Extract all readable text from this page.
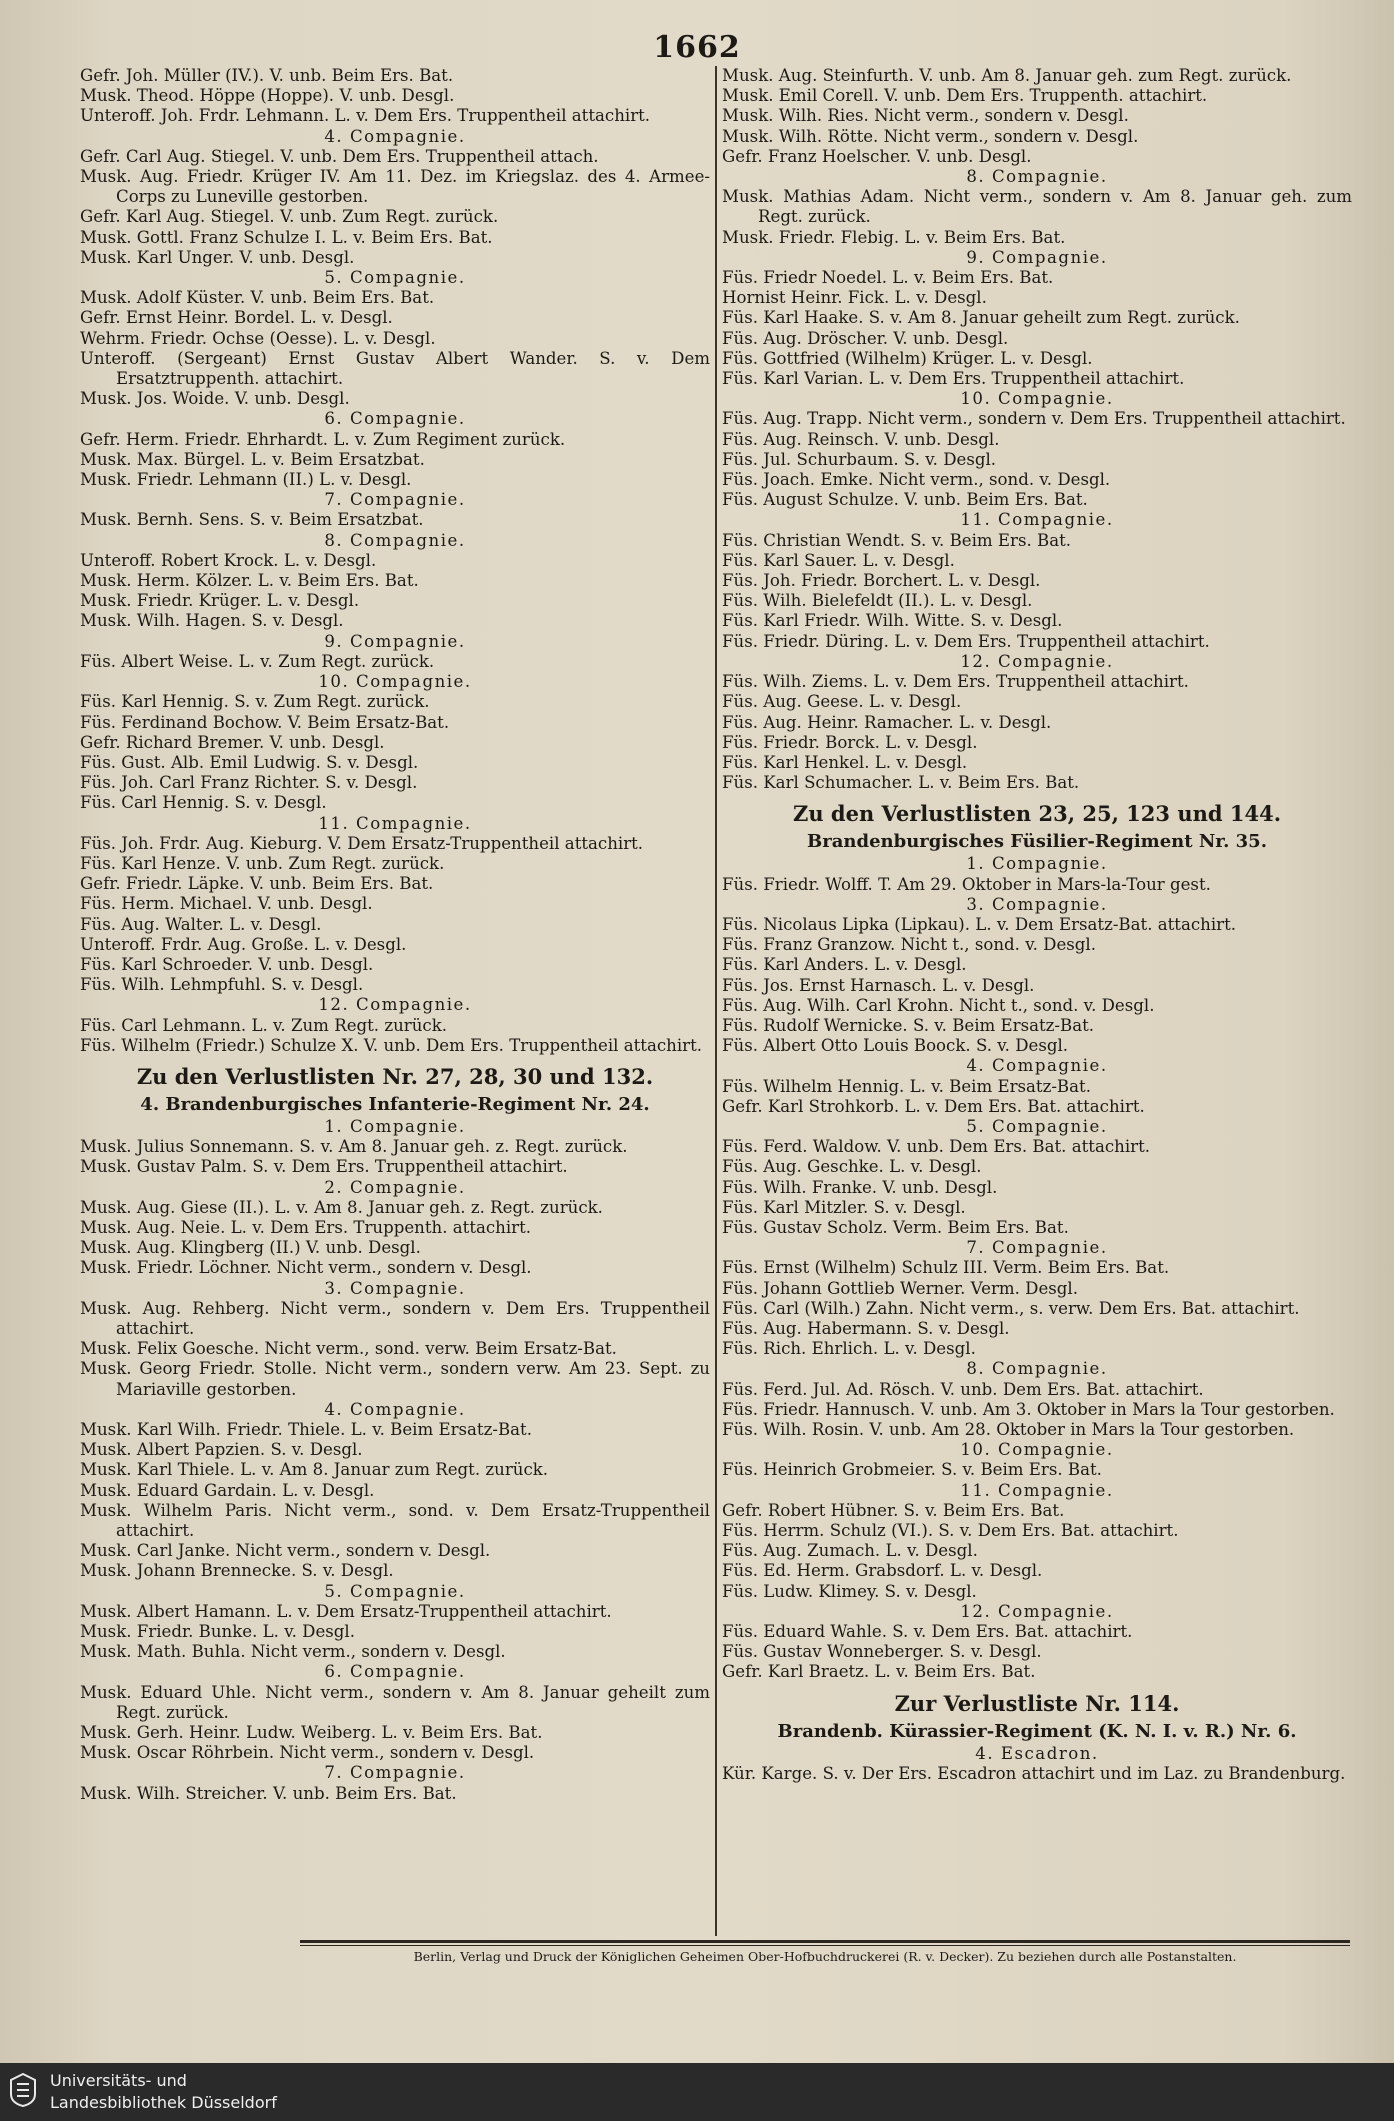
1662
Gefr. Joh. Müller (IV.). V. unb. Beim Ers. Bat.
Musk. Theod. Höppe (Hoppe). V. unb. Desgl.
Unteroff. Joh. Frdr. Lehmann. L. v. Dem Ers. Truppentheil attachirt.
4. Compagnie.
Gefr. Carl Aug. Stiegel. V. unb. Dem Ers. Truppentheil attach.
Musk. Aug. Friedr. Krüger IV. Am 11. Dez. im Kriegslaz. des 4. Armee-Corps zu Luneville gestorben.
Gefr. Karl Aug. Stiegel. V. unb. Zum Regt. zurück.
Musk. Gottl. Franz Schulze I. L. v. Beim Ers. Bat.
Musk. Karl Unger. V. unb. Desgl.
5. Compagnie.
Musk. Adolf Küster. V. unb. Beim Ers. Bat.
Gefr. Ernst Heinr. Bordel. L. v. Desgl.
Wehrm. Friedr. Ochse (Oesse). L. v. Desgl.
Unteroff. (Sergeant) Ernst Gustav Albert Wander. S. v. Dem Ersatztruppenth. attachirt.
Musk. Jos. Woide. V. unb. Desgl.
6. Compagnie.
Gefr. Herm. Friedr. Ehrhardt. L. v. Zum Regiment zurück.
Musk. Max. Bürgel. L. v. Beim Ersatzbat.
Musk. Friedr. Lehmann (II.) L. v. Desgl.
7. Compagnie.
Musk. Bernh. Sens. S. v. Beim Ersatzbat.
8. Compagnie.
Unteroff. Robert Krock. L. v. Desgl.
Musk. Herm. Kölzer. L. v. Beim Ers. Bat.
Musk. Friedr. Krüger. L. v. Desgl.
Musk. Wilh. Hagen. S. v. Desgl.
9. Compagnie.
Füs. Albert Weise. L. v. Zum Regt. zurück.
10. Compagnie.
Füs. Karl Hennig. S. v. Zum Regt. zurück.
Füs. Ferdinand Bochow. V. Beim Ersatz-Bat.
Gefr. Richard Bremer. V. unb. Desgl.
Füs. Gust. Alb. Emil Ludwig. S. v. Desgl.
Füs. Joh. Carl Franz Richter. S. v. Desgl.
Füs. Carl Hennig. S. v. Desgl.
11. Compagnie.
Füs. Joh. Frdr. Aug. Kieburg. V. Dem Ersatz-Truppentheil attachirt.
Füs. Karl Henze. V. unb. Zum Regt. zurück.
Gefr. Friedr. Läpke. V. unb. Beim Ers. Bat.
Füs. Herm. Michael. V. unb. Desgl.
Füs. Aug. Walter. L. v. Desgl.
Unteroff. Frdr. Aug. Große. L. v. Desgl.
Füs. Karl Schroeder. V. unb. Desgl.
Füs. Wilh. Lehmpfuhl. S. v. Desgl.
12. Compagnie.
Füs. Carl Lehmann. L. v. Zum Regt. zurück.
Füs. Wilhelm (Friedr.) Schulze X. V. unb. Dem Ers. Truppentheil attachirt.
Zu den Verlustlisten Nr. 27, 28, 30 und 132.
4. Brandenburgisches Infanterie-Regiment Nr. 24.
1. Compagnie.
Musk. Julius Sonnemann. S. v. Am 8. Januar geh. z. Regt. zurück.
Musk. Gustav Palm. S. v. Dem Ers. Truppentheil attachirt.
2. Compagnie.
Musk. Aug. Giese (II.). L. v. Am 8. Januar geh. z. Regt. zurück.
Musk. Aug. Neie. L. v. Dem Ers. Truppenth. attachirt.
Musk. Aug. Klingberg (II.) V. unb. Desgl.
Musk. Friedr. Löchner. Nicht verm., sondern v. Desgl.
3. Compagnie.
Musk. Aug. Rehberg. Nicht verm., sondern v. Dem Ers. Truppentheil attachirt.
Musk. Felix Goesche. Nicht verm., sond. verw. Beim Ersatz-Bat.
Musk. Georg Friedr. Stolle. Nicht verm., sondern verw. Am 23. Sept. zu Mariaville gestorben.
4. Compagnie.
Musk. Karl Wilh. Friedr. Thiele. L. v. Beim Ersatz-Bat.
Musk. Albert Papzien. S. v. Desgl.
Musk. Karl Thiele. L. v. Am 8. Januar zum Regt. zurück.
Musk. Eduard Gardain. L. v. Desgl.
Musk. Wilhelm Paris. Nicht verm., sond. v. Dem Ersatz-Truppentheil attachirt.
Musk. Carl Janke. Nicht verm., sondern v. Desgl.
Musk. Johann Brennecke. S. v. Desgl.
5. Compagnie.
Musk. Albert Hamann. L. v. Dem Ersatz-Truppentheil attachirt.
Musk. Friedr. Bunke. L. v. Desgl.
Musk. Math. Buhla. Nicht verm., sondern v. Desgl.
6. Compagnie.
Musk. Eduard Uhle. Nicht verm., sondern v. Am 8. Januar geheilt zum Regt. zurück.
Musk. Gerh. Heinr. Ludw. Weiberg. L. v. Beim Ers. Bat.
Musk. Oscar Röhrbein. Nicht verm., sondern v. Desgl.
7. Compagnie.
Musk. Wilh. Streicher. V. unb. Beim Ers. Bat.
Musk. Aug. Steinfurth. V. unb. Am 8. Januar geh. zum Regt. zurück.
Musk. Emil Corell. V. unb. Dem Ers. Truppenth. attachirt.
Musk. Wilh. Ries. Nicht verm., sondern v. Desgl.
Musk. Wilh. Rötte. Nicht verm., sondern v. Desgl.
Gefr. Franz Hoelscher. V. unb. Desgl.
8. Compagnie.
Musk. Mathias Adam. Nicht verm., sondern v. Am 8. Januar geh. zum Regt. zurück.
Musk. Friedr. Flebig. L. v. Beim Ers. Bat.
9. Compagnie.
Füs. Friedr Noedel. L. v. Beim Ers. Bat.
Hornist Heinr. Fick. L. v. Desgl.
Füs. Karl Haake. S. v. Am 8. Januar geheilt zum Regt. zurück.
Füs. Aug. Dröscher. V. unb. Desgl.
Füs. Gottfried (Wilhelm) Krüger. L. v. Desgl.
Füs. Karl Varian. L. v. Dem Ers. Truppentheil attachirt.
10. Compagnie.
Füs. Aug. Trapp. Nicht verm., sondern v. Dem Ers. Truppentheil attachirt.
Füs. Aug. Reinsch. V. unb. Desgl.
Füs. Jul. Schurbaum. S. v. Desgl.
Füs. Joach. Emke. Nicht verm., sond. v. Desgl.
Füs. August Schulze. V. unb. Beim Ers. Bat.
11. Compagnie.
Füs. Christian Wendt. S. v. Beim Ers. Bat.
Füs. Karl Sauer. L. v. Desgl.
Füs. Joh. Friedr. Borchert. L. v. Desgl.
Füs. Wilh. Bielefeldt (II.). L. v. Desgl.
Füs. Karl Friedr. Wilh. Witte. S. v. Desgl.
Füs. Friedr. Düring. L. v. Dem Ers. Truppentheil attachirt.
12. Compagnie.
Füs. Wilh. Ziems. L. v. Dem Ers. Truppentheil attachirt.
Füs. Aug. Geese. L. v. Desgl.
Füs. Aug. Heinr. Ramacher. L. v. Desgl.
Füs. Friedr. Borck. L. v. Desgl.
Füs. Karl Henkel. L. v. Desgl.
Füs. Karl Schumacher. L. v. Beim Ers. Bat.
Zu den Verlustlisten 23, 25, 123 und 144.
Brandenburgisches Füsilier-Regiment Nr. 35.
1. Compagnie.
Füs. Friedr. Wolff. T. Am 29. Oktober in Mars-la-Tour gest.
3. Compagnie.
Füs. Nicolaus Lipka (Lipkau). L. v. Dem Ersatz-Bat. attachirt.
Füs. Franz Granzow. Nicht t., sond. v. Desgl.
Füs. Karl Anders. L. v. Desgl.
Füs. Jos. Ernst Harnasch. L. v. Desgl.
Füs. Aug. Wilh. Carl Krohn. Nicht t., sond. v. Desgl.
Füs. Rudolf Wernicke. S. v. Beim Ersatz-Bat.
Füs. Albert Otto Louis Boock. S. v. Desgl.
4. Compagnie.
Füs. Wilhelm Hennig. L. v. Beim Ersatz-Bat.
Gefr. Karl Strohkorb. L. v. Dem Ers. Bat. attachirt.
5. Compagnie.
Füs. Ferd. Waldow. V. unb. Dem Ers. Bat. attachirt.
Füs. Aug. Geschke. L. v. Desgl.
Füs. Wilh. Franke. V. unb. Desgl.
Füs. Karl Mitzler. S. v. Desgl.
Füs. Gustav Scholz. Verm. Beim Ers. Bat.
7. Compagnie.
Füs. Ernst (Wilhelm) Schulz III. Verm. Beim Ers. Bat.
Füs. Johann Gottlieb Werner. Verm. Desgl.
Füs. Carl (Wilh.) Zahn. Nicht verm., s. verw. Dem Ers. Bat. attachirt.
Füs. Aug. Habermann. S. v. Desgl.
Füs. Rich. Ehrlich. L. v. Desgl.
8. Compagnie.
Füs. Ferd. Jul. Ad. Rösch. V. unb. Dem Ers. Bat. attachirt.
Füs. Friedr. Hannusch. V. unb. Am 3. Oktober in Mars la Tour gestorben.
Füs. Wilh. Rosin. V. unb. Am 28. Oktober in Mars la Tour gestorben.
10. Compagnie.
Füs. Heinrich Grobmeier. S. v. Beim Ers. Bat.
11. Compagnie.
Gefr. Robert Hübner. S. v. Beim Ers. Bat.
Füs. Herrm. Schulz (VI.). S. v. Dem Ers. Bat. attachirt.
Füs. Aug. Zumach. L. v. Desgl.
Füs. Ed. Herm. Grabsdorf. L. v. Desgl.
Füs. Ludw. Klimey. S. v. Desgl.
12. Compagnie.
Füs. Eduard Wahle. S. v. Dem Ers. Bat. attachirt.
Füs. Gustav Wonneberger. S. v. Desgl.
Gefr. Karl Braetz. L. v. Beim Ers. Bat.
Zur Verlustliste Nr. 114.
Brandenb. Kürassier-Regiment (K. N. I. v. R.) Nr. 6.
4. Escadron.
Kür. Karge. S. v. Der Ers. Escadron attachirt und im Laz. zu Brandenburg.
Berlin, Verlag und Druck der Königlichen Geheimen Ober-Hofbuchdruckerei (R. v. Decker). Zu beziehen durch alle Postanstalten.
Universitäts- und
Landesbibliothek Düsseldorf
